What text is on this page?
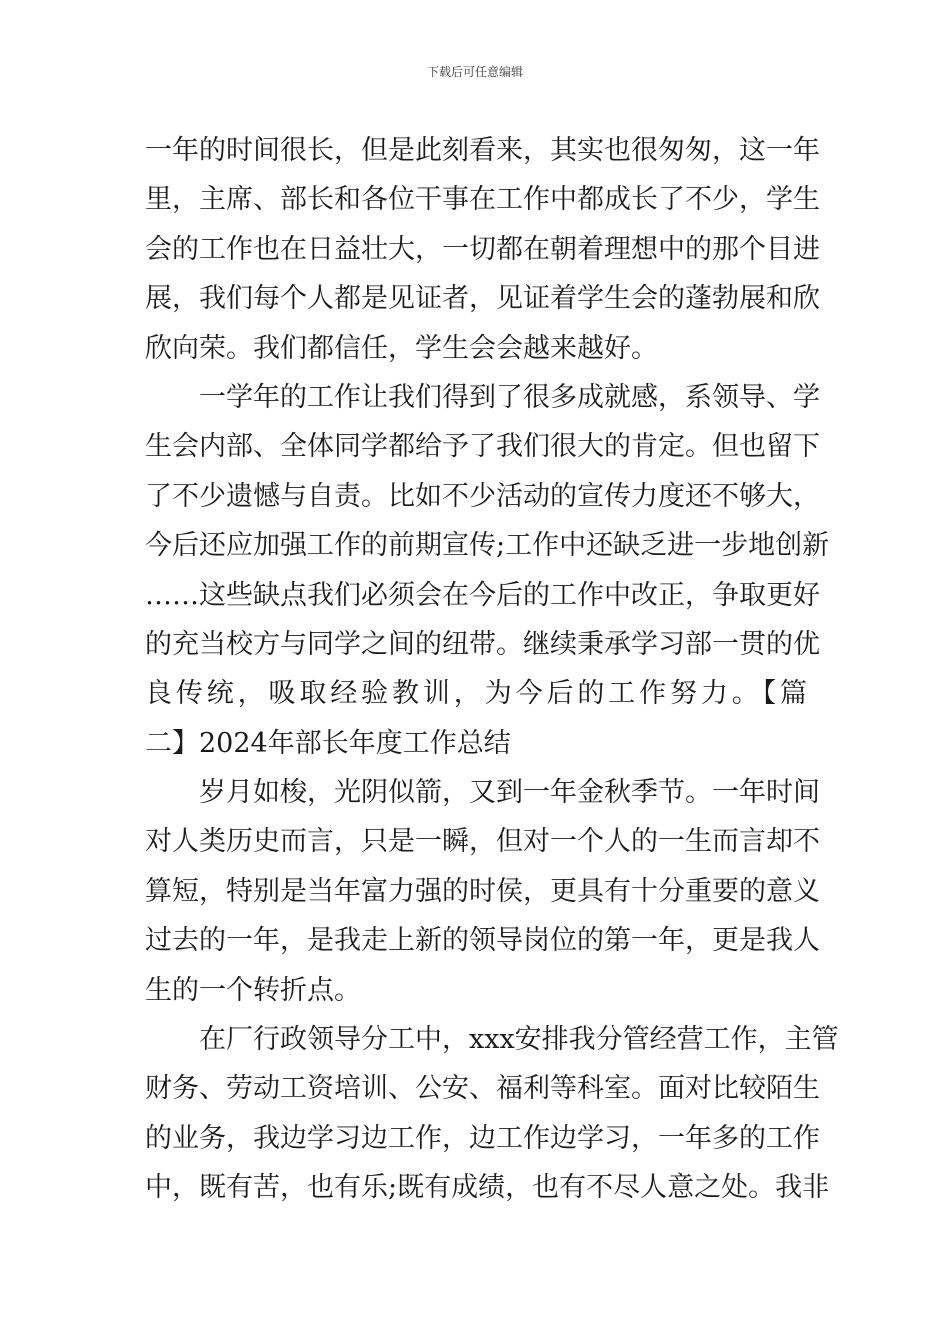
下载后可任意编辑
一年的时间很长，但是此刻看来，其实也很匆匆，这一年
里，主席、部长和各位干事在工作中都成长了不少，学生
会的工作也在日益壮大，一切都在朝着理想中的那个目进
展，我们每个人都是见证者，见证着学生会的蓬勃展和欣
欣向荣。我们都信任，学生会会越来越好。
一学年的工作让我们得到了很多成就感，系领导、学
生会内部、全体同学都给予了我们很大的肯定。但也留下
了不少遗憾与自责。比如不少活动的宣传力度还不够大，
今后还应加强工作的前期宣传;工作中还缺乏进一步地创新
……这些缺点我们必须会在今后的工作中改正，争取更好
的充当校方与同学之间的纽带。继续秉承学习部一贯的优
良传统，吸取经验教训，为今后的工作努力。【篇
二】2024年部长年度工作总结
岁月如梭，光阴似箭，又到一年金秋季节。一年时间
对人类历史而言，只是一瞬，但对一个人的一生而言却不
算短，特别是当年富力强的时侯，更具有十分重要的意义
过去的一年，是我走上新的领导岗位的第一年，更是我人
生的一个转折点。
在厂行政领导分工中，xxx安排我分管经营工作，主管
财务、劳动工资培训、公安、福利等科室。面对比较陌生
的业务，我边学习边工作，边工作边学习，一年多的工作
中，既有苦，也有乐;既有成绩，也有不尽人意之处。我非
